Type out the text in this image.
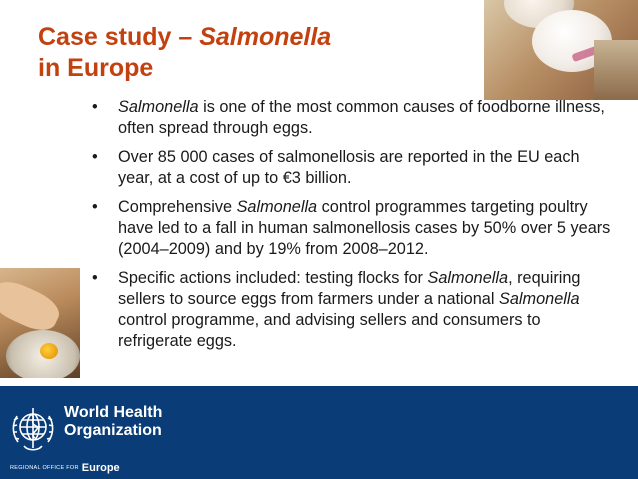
Case study – Salmonella
in Europe
•	Salmonella is one of the most common causes of foodborne illness, often spread through eggs.
•	Over 85 000 cases of salmonellosis are reported in the EU each year, at a cost of up to €3 billion.
•	Comprehensive Salmonella control programmes targeting poultry have led to a fall in human salmonellosis cases by 50% over 5 years (2004–2009) and by 19% from 2008–2012.
•	Specific actions included: testing flocks for Salmonella, requiring sellers to source eggs from farmers under a national Salmonella control programme, and advising sellers and consumers to refrigerate eggs.
World Health
Organization
REGIONAL OFFICE FOR Europe
